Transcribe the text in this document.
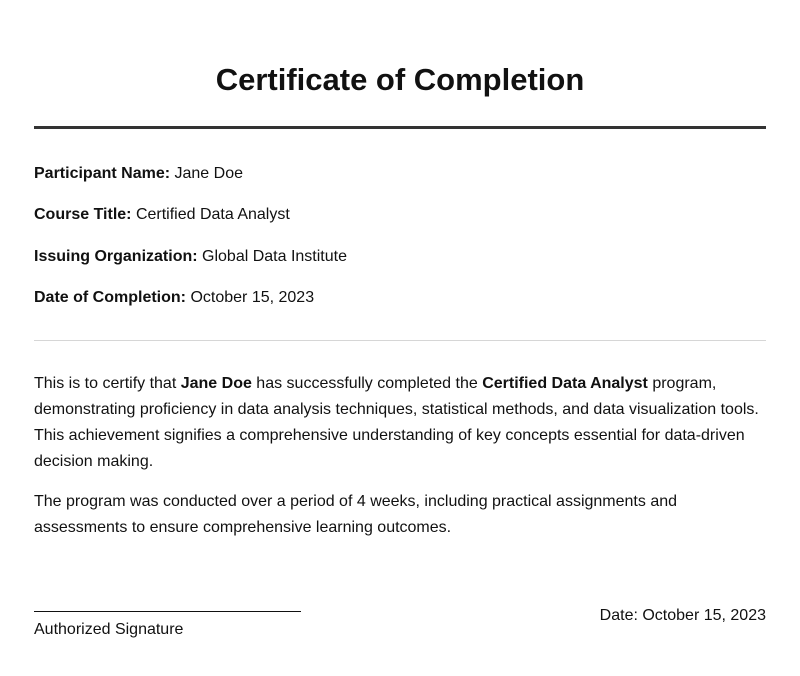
Certificate of Completion
Participant Name: Jane Doe
Course Title: Certified Data Analyst
Issuing Organization: Global Data Institute
Date of Completion: October 15, 2023

This is to certify that Jane Doe has successfully completed the Certified Data Analyst program, demonstrating proficiency in data analysis techniques, statistical methods, and data visualization tools. This achievement signifies a comprehensive understanding of key concepts essential for data-driven decision making.

The program was conducted over a period of 4 weeks, including practical assignments and assessments to ensure comprehensive learning outcomes.

Authorized Signature
Date: October 15, 2023
